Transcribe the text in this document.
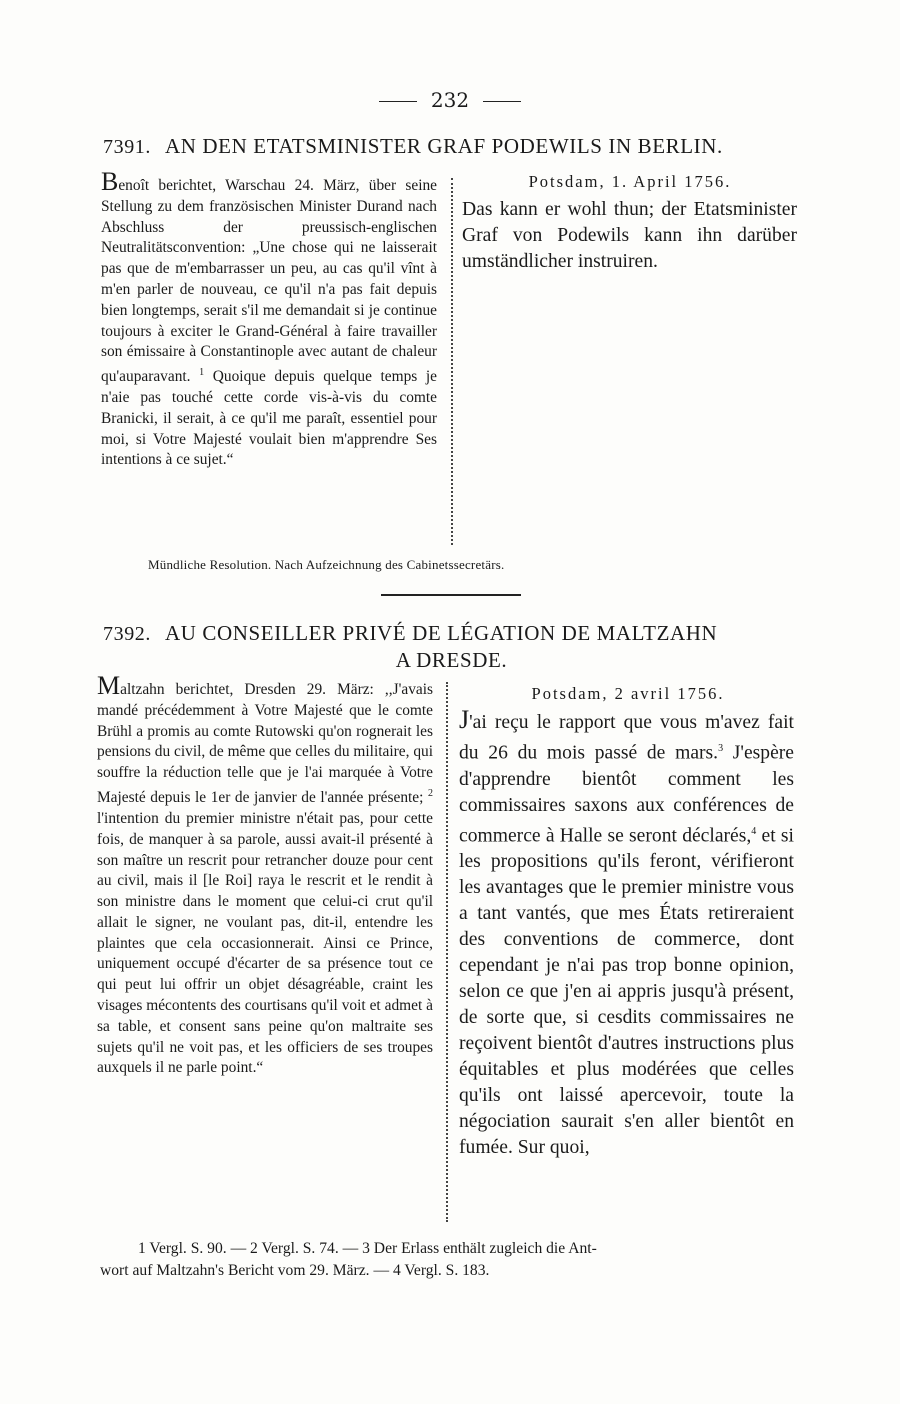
232
7391. AN DEN ETATSMINISTER GRAF PODEWILS IN BERLIN.
Benoît berichtet, Warschau 24. März, über seine Stellung zu dem französischen Minister Durand nach Abschluss der preussisch-englischen Neutralitätsconvention: „Une chose qui ne laisserait pas que de m'embarrasser un peu, au cas qu'il vînt à m'en parler de nouveau, ce qu'il n'a pas fait depuis bien longtemps, serait s'il me demandait si je continue toujours à exciter le Grand-Général à faire travailler son émissaire à Constantinople avec autant de chaleur qu'auparavant. $^1$ Quoique depuis quelque temps je n'aie pas touché cette corde vis-à-vis du comte Branicki, il serait, à ce qu'il me paraît, essentiel pour moi, si Votre Majesté voulait bien m'apprendre Ses intentions à ce sujet.“
Potsdam, 1. April 1756.
Das kann er wohl thun; der Etatsminister Graf von Podewils kann ihn darüber umständlicher instruiren.
Mündliche Resolution. Nach Aufzeichnung des Cabinetssecretärs.
7392. AU CONSEILLER PRIVÉ DE LÉGATION DE MALTZAHN
A DRESDE.
Maltzahn berichtet, Dresden 29. März: ,,J'avais mandé précédemment à Votre Majesté que le comte Brühl a promis au comte Rutowski qu'on rognerait les pensions du civil, de même que celles du militaire, qui souffre la réduction telle que je l'ai marquée à Votre Majesté depuis le 1er de janvier de l'année présente; $^2$ l'intention du premier ministre n'était pas, pour cette fois, de manquer à sa parole, aussi avait-il présenté à son maître un rescrit pour retrancher douze pour cent au civil, mais il [le Roi] raya le rescrit et le rendit à son ministre dans le moment que celui-ci crut qu'il allait le signer, ne voulant pas, dit-il, entendre les plaintes que cela occasionnerait. Ainsi ce Prince, uniquement occupé d'écarter de sa présence tout ce qui peut lui offrir un objet désagréable, craint les visages mécontents des courtisans qu'il voit et admet à sa table, et consent sans peine qu'on maltraite ses sujets qu'il ne voit pas, et les officiers de ses troupes auxquels il ne parle point.“
Potsdam, 2 avril 1756.
J'ai reçu le rapport que vous m'avez fait du 26 du mois passé de mars.$^3$ J'espère d'apprendre bientôt comment les commissaires saxons aux conférences de commerce à Halle se seront déclarés,$^4$ et si les propositions qu'ils feront, vérifieront les avantages que le premier ministre vous a tant vantés, que mes États retireraient des conventions de commerce, dont cependant je n'ai pas trop bonne opinion, selon ce que j'en ai appris jusqu'à présent, de sorte que, si cesdits commissaires ne reçoivent bientôt d'autres instructions plus équitables et plus modérées que celles qu'ils ont laissé apercevoir, toute la négociation saurait s'en aller bientôt en fumée. Sur quoi,
1 Vergl. S. 90. — 2 Vergl. S. 74. — 3 Der Erlass enthält zugleich die Ant-
wort auf Maltzahn's Bericht vom 29. März. — 4 Vergl. S. 183.
